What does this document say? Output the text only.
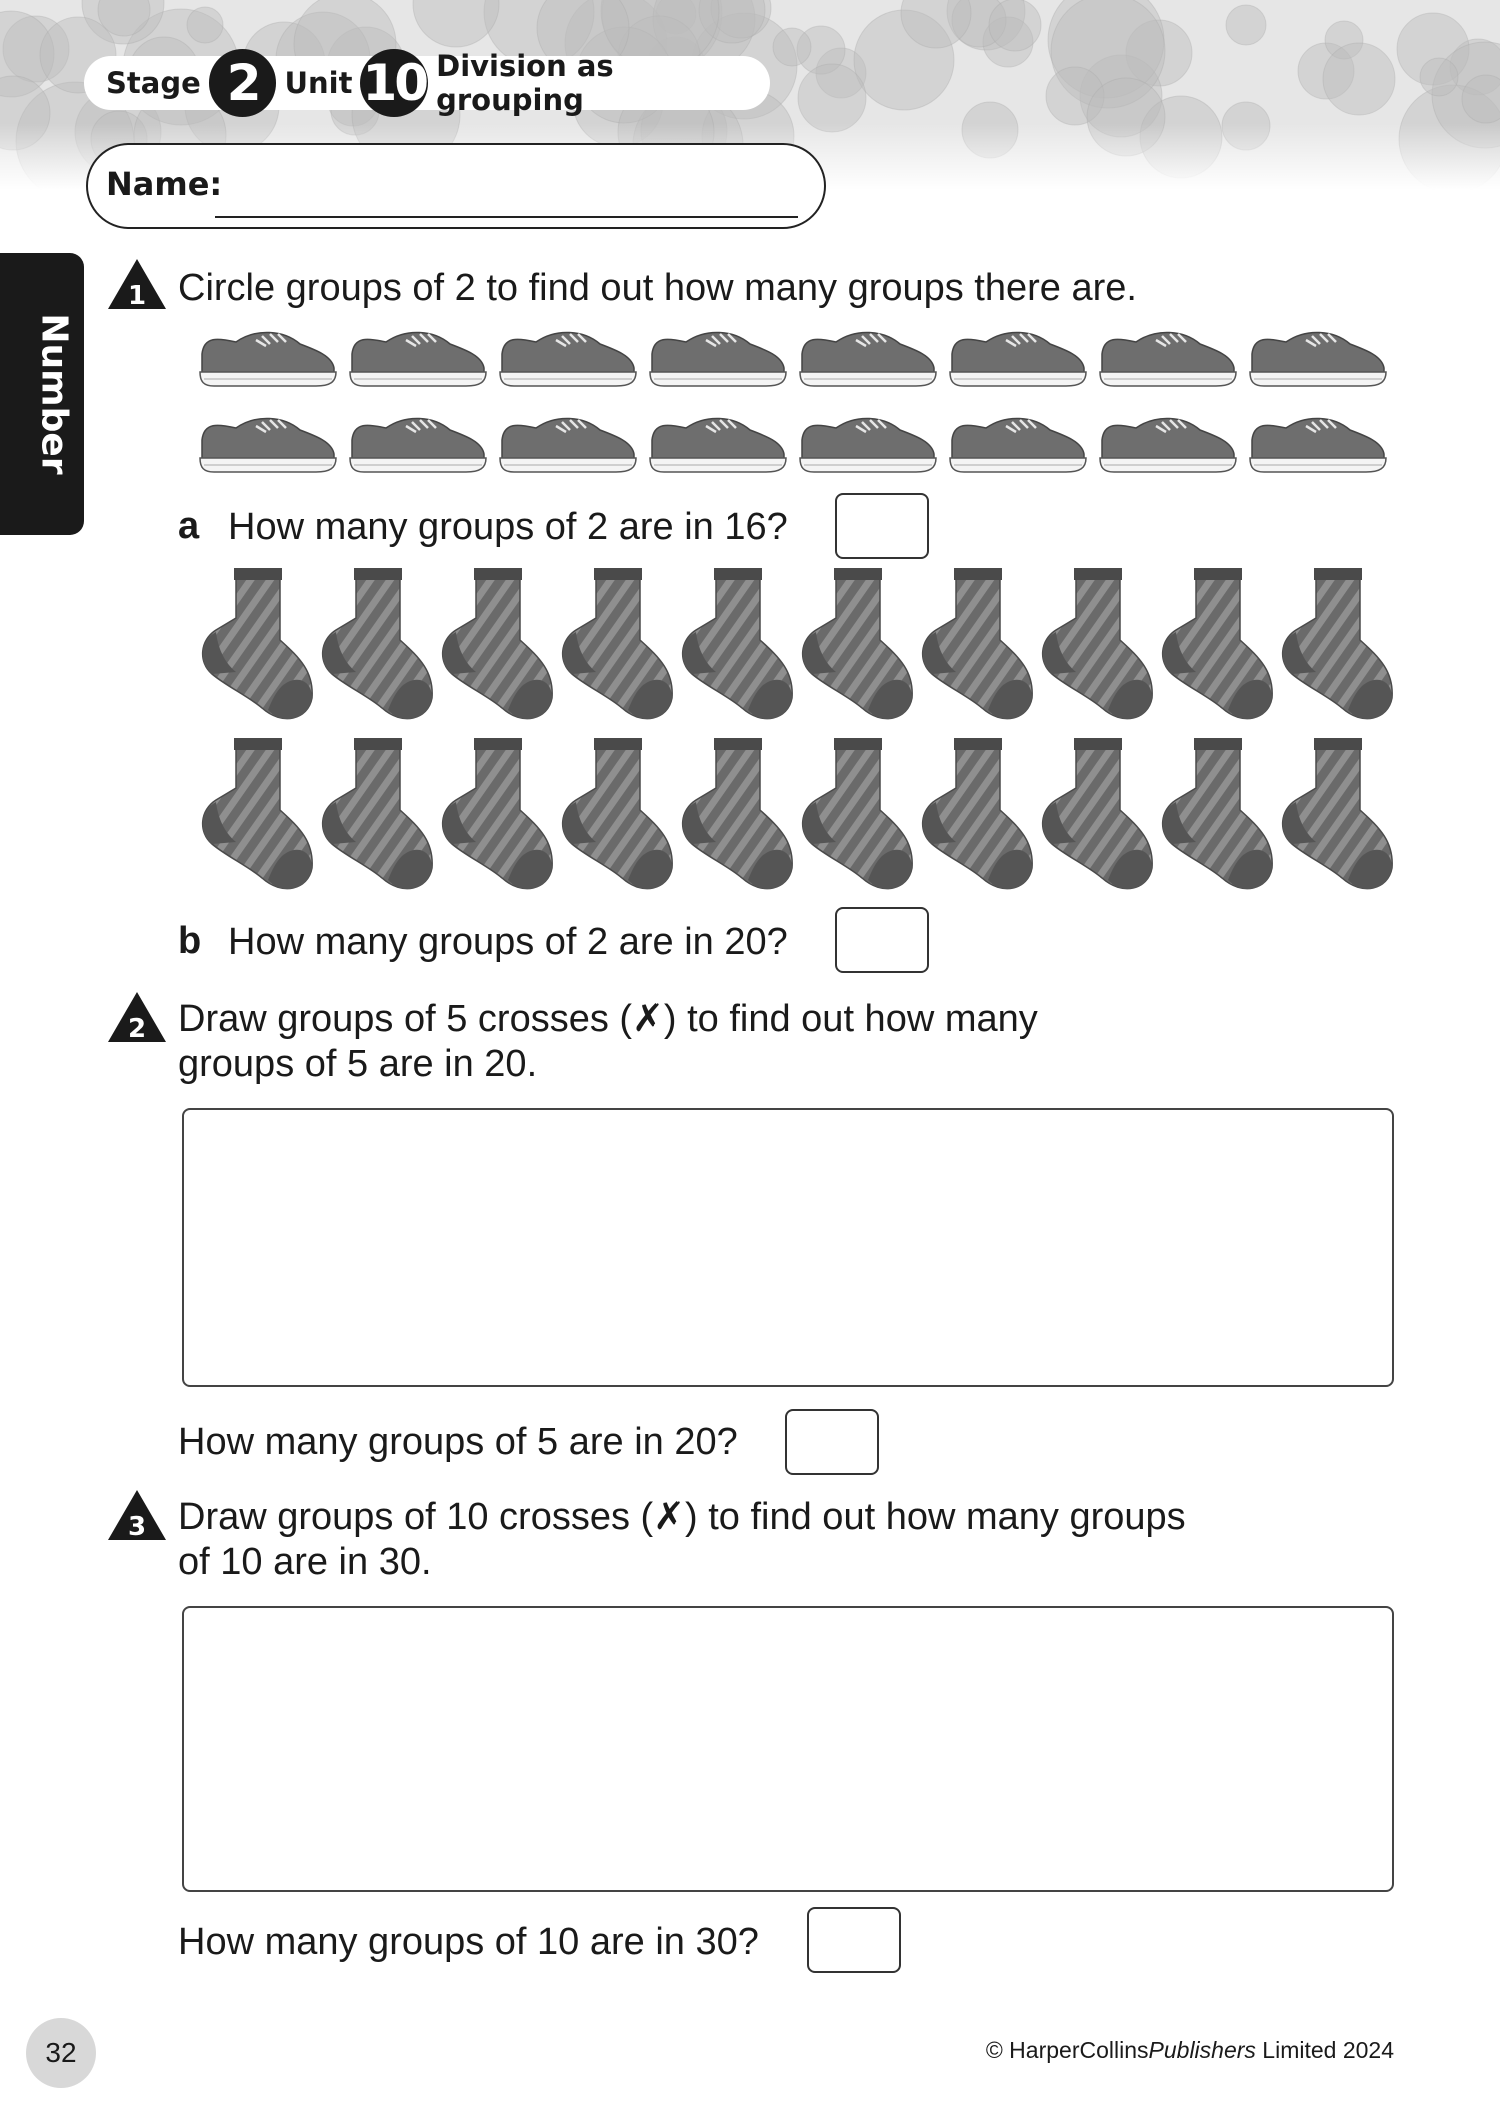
Stage 2 Unit 10 Division as grouping
Name:
Number
1 Circle groups of 2 to find out how many groups there are.
a How many groups of 2 are in 16?
b How many groups of 2 are in 20?
2 Draw groups of 5 crosses (✗) to find out how many
groups of 5 are in 20.
How many groups of 5 are in 20?
3 Draw groups of 10 crosses (✗) to find out how many groups
of 10 are in 30.
How many groups of 10 are in 30?
32	© HarperCollinsPublishers Limited 2024
